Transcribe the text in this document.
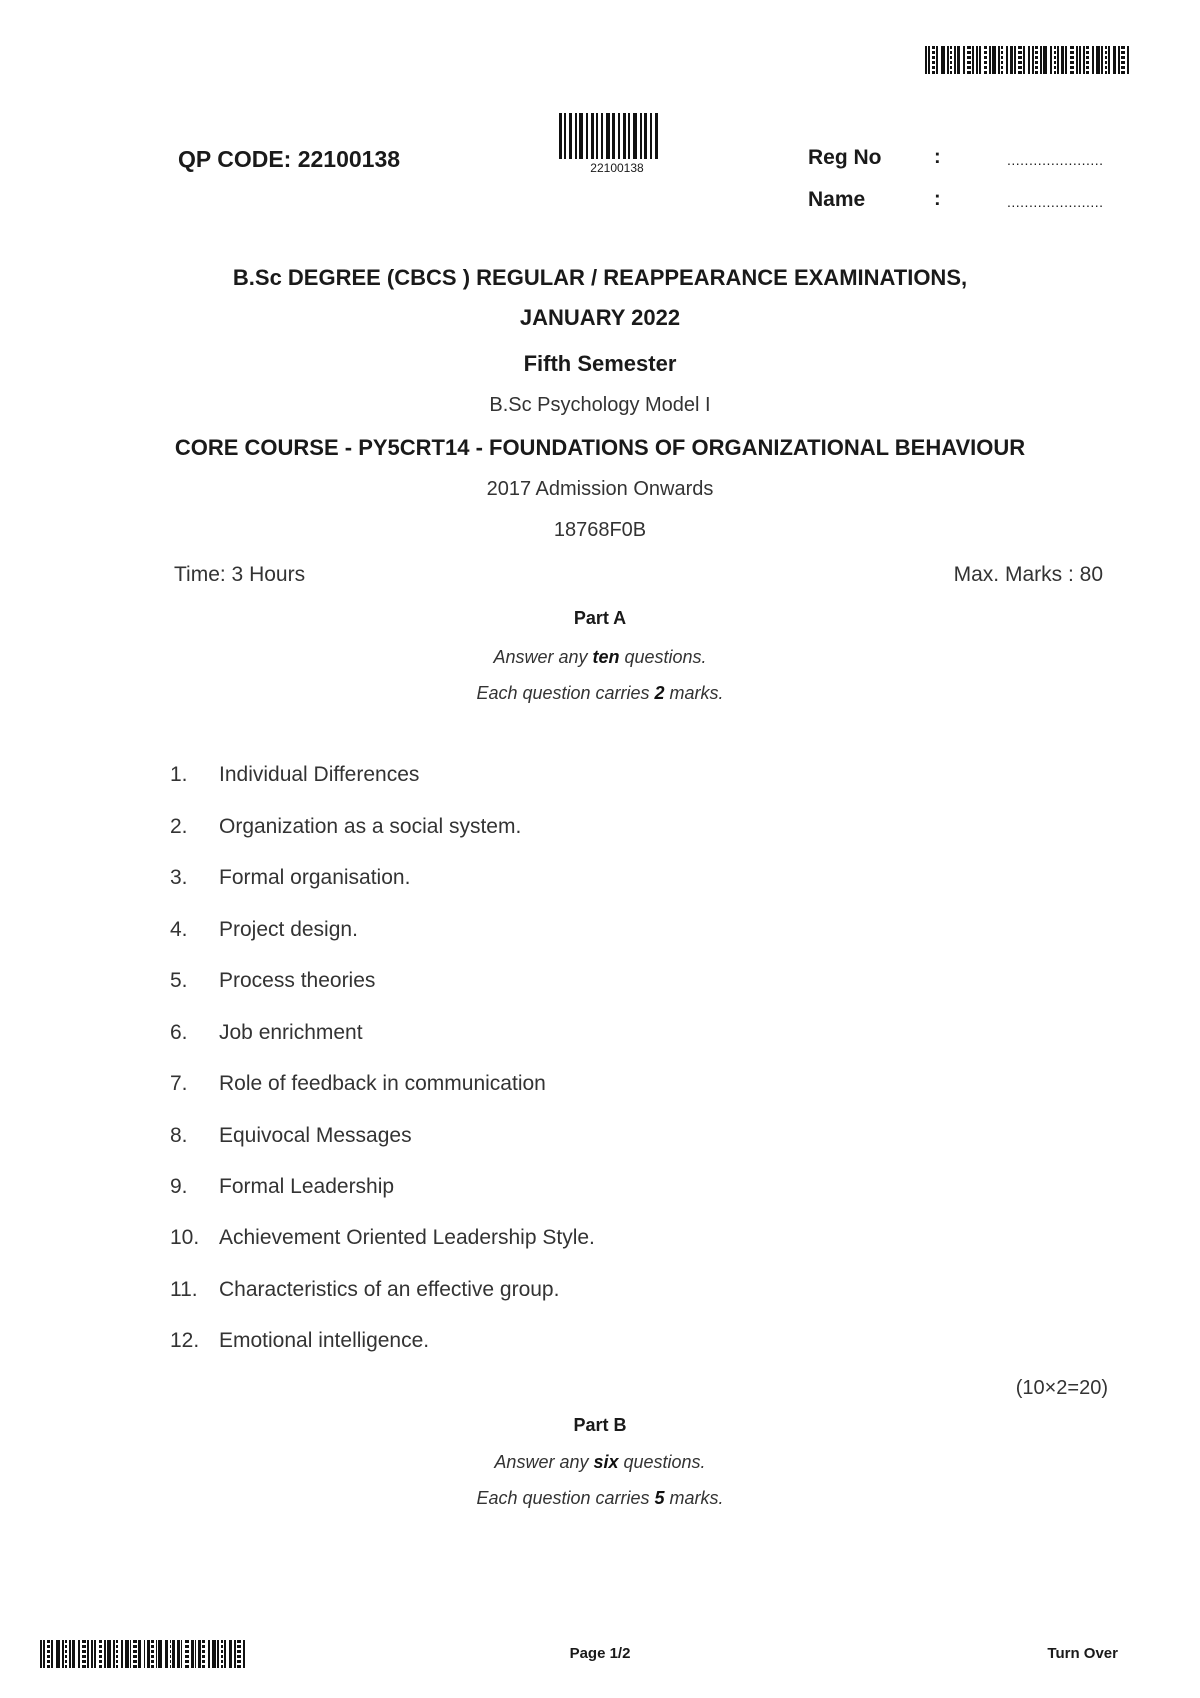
QP CODE: 22100138	22100138	Reg No	:	......................
Name	:	......................
B.Sc DEGREE (CBCS ) REGULAR / REAPPEARANCE EXAMINATIONS,
JANUARY 2022
Fifth Semester
B.Sc Psychology Model I
CORE COURSE - PY5CRT14 - FOUNDATIONS OF ORGANIZATIONAL BEHAVIOUR
2017 Admission Onwards
18768F0B
Time: 3 Hours	Max. Marks : 80
Part A
Answer any ten questions.
Each question carries 2 marks.
1.	Individual Differences
2.	Organization as a social system.
3.	Formal organisation.
4.	Project design.
5.	Process theories
6.	Job enrichment
7.	Role of feedback in communication
8.	Equivocal Messages
9.	Formal Leadership
10. Achievement Oriented Leadership Style.
11.	Characteristics of an effective group.
12. Emotional intelligence.
(10×2=20)
Part B
Answer any six questions.
Each question carries 5 marks.
Page 1/2	Turn Over
